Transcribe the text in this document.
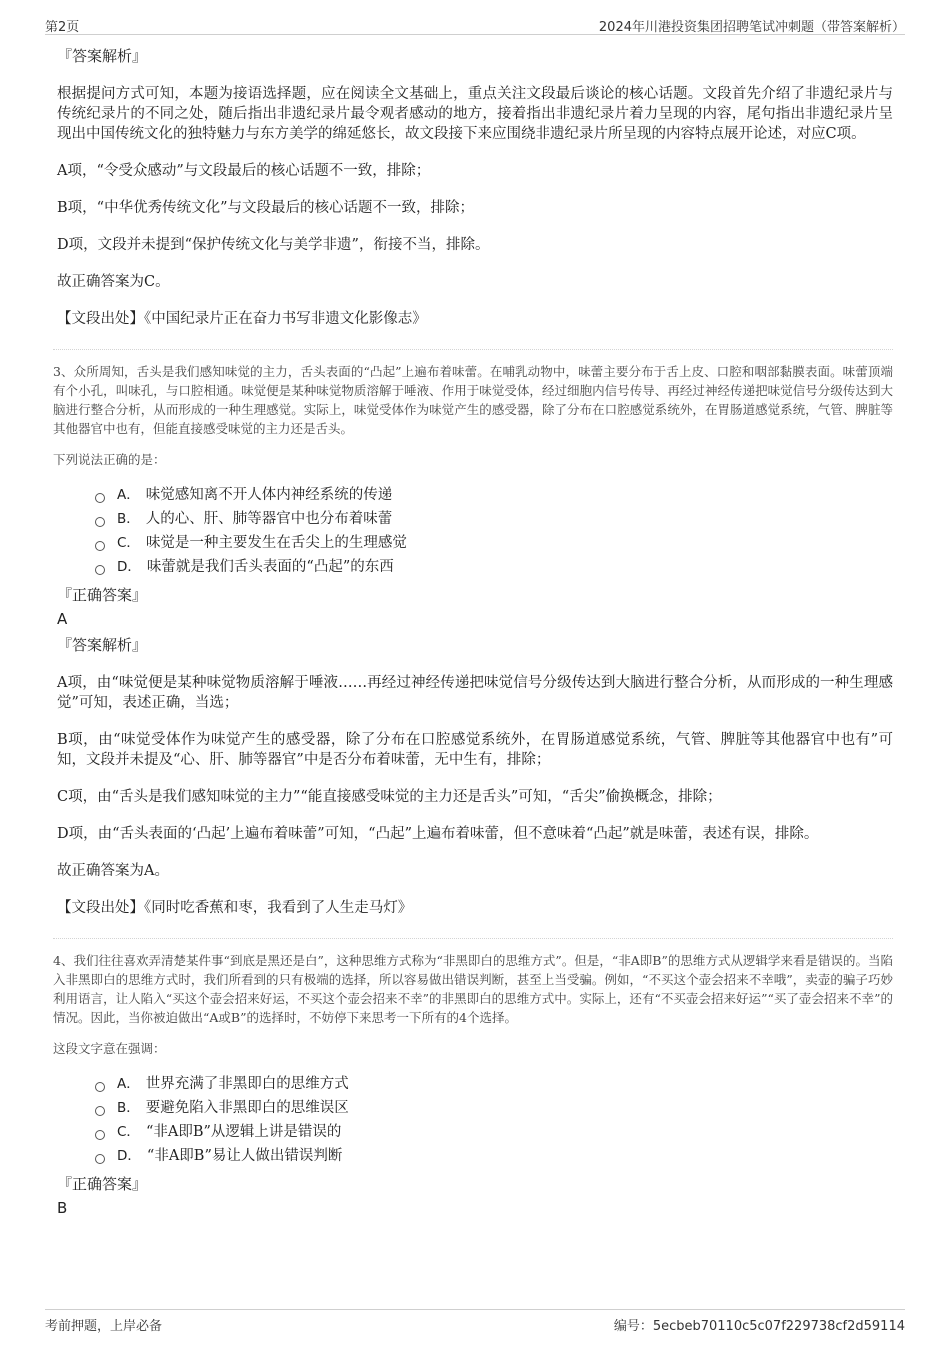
第2页	2024年川港投资集团招聘笔试冲刺题（带答案解析）
『答案解析』

根据提问方式可知，本题为接语选择题，应在阅读全文基础上，重点关注文段最后谈论的核心话题。文段首先介绍了非遗纪录片与传统纪录片的不同之处，随后指出非遗纪录片最令观者感动的地方，接着指出非遗纪录片着力呈现的内容，尾句指出非遗纪录片呈现出中国传统文化的独特魅力与东方美学的绵延悠长，故文段接下来应围绕非遗纪录片所呈现的内容特点展开论述，对应C项。

A项，“令受众感动”与文段最后的核心话题不一致，排除；

B项，“中华优秀传统文化”与文段最后的核心话题不一致，排除；

D项，文段并未提到“保护传统文化与美学非遗”，衔接不当，排除。

故正确答案为C。

【文段出处】《中国纪录片正在奋力书写非遗文化影像志》

3、众所周知，舌头是我们感知味觉的主力，舌头表面的“凸起”上遍布着味蕾。在哺乳动物中，味蕾主要分布于舌上皮、口腔和咽部黏膜表面。味蕾顶端有个小孔，叫味孔，与口腔相通。味觉便是某种味觉物质溶解于唾液、作用于味觉受体，经过细胞内信号传导、再经过神经传递把味觉信号分级传达到大脑进行整合分析，从而形成的一种生理感觉。实际上，味觉受体作为味觉产生的感受器，除了分布在口腔感觉系统外，在胃肠道感觉系统，气管、脾脏等其他器官中也有，但能直接感受味觉的主力还是舌头。

下列说法正确的是：

A． 味觉感知离不开人体内神经系统的传递
B． 人的心、肝、肺等器官中也分布着味蕾
C． 味觉是一种主要发生在舌尖上的生理感觉
D． 味蕾就是我们舌头表面的“凸起”的东西
『正确答案』
A
『答案解析』

A项，由“味觉便是某种味觉物质溶解于唾液……再经过神经传递把味觉信号分级传达到大脑进行整合分析，从而形成的一种生理感觉”可知，表述正确，当选；

B项，由“味觉受体作为味觉产生的感受器，除了分布在口腔感觉系统外，在胃肠道感觉系统，气管、脾脏等其他器官中也有”可知，文段并未提及“心、肝、肺等器官”中是否分布着味蕾，无中生有，排除；

C项，由“舌头是我们感知味觉的主力”“能直接感受味觉的主力还是舌头”可知，“舌尖”偷换概念，排除；

D项，由“舌头表面的‘凸起’上遍布着味蕾”可知，“凸起”上遍布着味蕾，但不意味着“凸起”就是味蕾，表述有误，排除。

故正确答案为A。

【文段出处】《同时吃香蕉和枣，我看到了人生走马灯》

4、我们往往喜欢弄清楚某件事“到底是黑还是白”，这种思维方式称为“非黑即白的思维方式”。但是，“非A即B”的思维方式从逻辑学来看是错误的。当陷入非黑即白的思维方式时，我们所看到的只有极端的选择，所以容易做出错误判断，甚至上当受骗。例如，“不买这个壶会招来不幸哦”，卖壶的骗子巧妙利用语言，让人陷入“买这个壶会招来好运，不买这个壶会招来不幸”的非黑即白的思维方式中。实际上，还有“不买壶会招来好运”“买了壶会招来不幸”的情况。因此，当你被迫做出“A或B”的选择时，不妨停下来思考一下所有的4个选择。

这段文字意在强调：

A． 世界充满了非黑即白的思维方式
B． 要避免陷入非黑即白的思维误区
C． “非A即B”从逻辑上讲是错误的
D． “非A即B”易让人做出错误判断
『正确答案』
B
考前押题，上岸必备	编号：5ecbeb70110c5c07f229738cf2d59114
